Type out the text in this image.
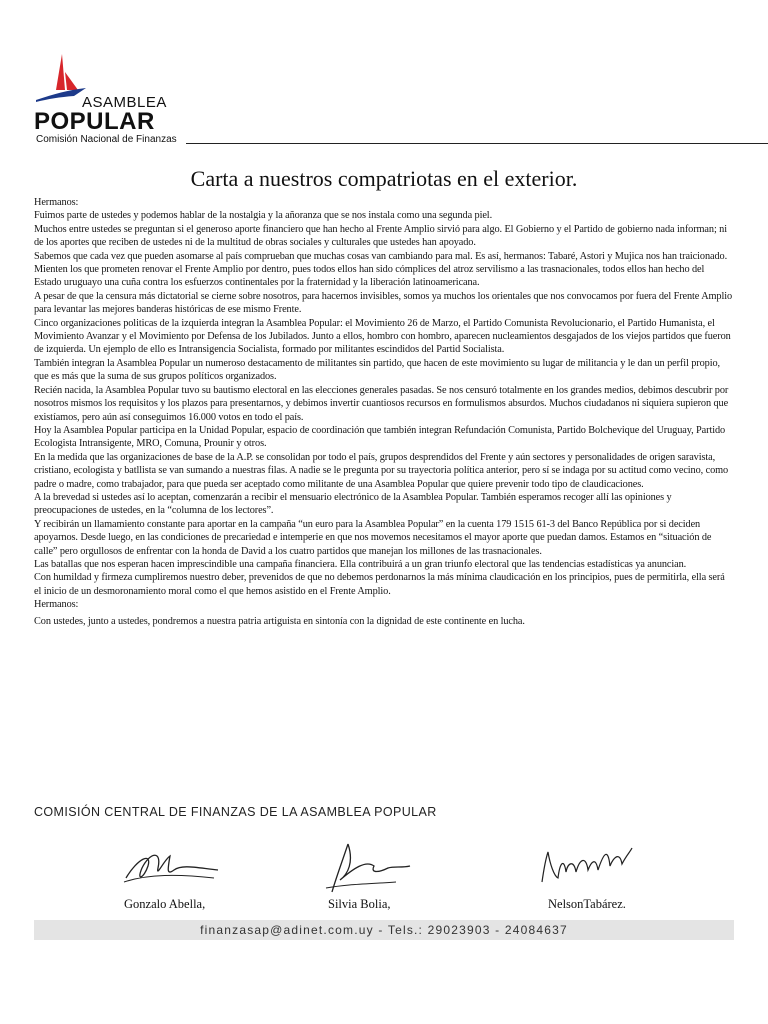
ASAMBLEA
POPULAR
Comisión Nacional de Finanzas
Carta a nuestros compatriotas en el exterior.

Hermanos:

Fuimos parte de ustedes y podemos hablar de la nostalgia y la añoranza que se nos instala como una segunda piel.

Muchos entre ustedes se preguntan si el generoso aporte financiero que han hecho al Frente Amplio sirvió para algo. El Gobierno y el Partido de gobierno nada informan; ni de los aportes que reciben de ustedes ni de la multitud de obras sociales y culturales que ustedes han apoyado.

Sabemos que cada vez que pueden asomarse al país comprueban que muchas cosas van cambiando para mal. Es así, hermanos: Tabaré, Astori y Mujica nos han traicionado.

Mienten los que prometen renovar el Frente Amplio por dentro, pues todos ellos han sido cómplices del atroz servilismo a las trasnacionales, todos ellos han hecho del Estado uruguayo una cuña contra los esfuerzos continentales por la fraternidad y la liberación latinoamericana.

A pesar de que la censura más dictatorial se cierne sobre nosotros, para hacernos invisibles, somos ya muchos los orientales que nos convocamos por fuera del Frente Amplio para levantar las mejores banderas históricas de ese mismo Frente.

Cinco organizaciones politicas de la izquierda integran la Asamblea Popular: el Movimiento 26 de Marzo, el Partido Comunista Revolucionario, el Partido Humanista, el Movimiento Avanzar y el Movimiento por Defensa de los Jubilados. Junto a ellos, hombro con hombro, aparecen nucleamientos desgajados de los viejos partidos que fueron de izquierda. Un ejemplo de ello es Intransigencia Socialista, formado por militantes escindidos del Partid Socialista.

También integran la Asamblea Popular un numeroso destacamento de militantes sin partido, que hacen de este movimiento su lugar de militancia y le dan un perfil propio, que es más que la suma de sus grupos políticos organizados.

Recién nacida, la Asamblea Popular tuvo su bautismo electoral en las elecciones generales pasadas. Se nos censuró totalmente en los grandes medios, debimos descubrir por nosotros mismos los requisitos y los plazos para presentarnos, y debimos invertir cuantiosos recursos en formulismos absurdos. Muchos ciudadanos ni siquiera supieron que existíamos, pero aún así conseguimos 16.000 votos en todo el país.

Hoy la Asamblea Popular participa en la Unidad Popular, espacio de coordinación que también integran Refundación Comunista, Partido Bolchevique del Uruguay, Partido Ecologista Intransigente, MRO, Comuna, Prounir y otros.

En la medida que las organizaciones de base de la A.P. se consolidan por todo el país, grupos desprendidos del Frente y aún sectores y personalidades de origen saravista, cristiano, ecologista y batllista se van sumando a nuestras filas. A nadie se le pregunta por su trayectoria política anterior, pero sí se indaga por su actitud como vecino, como padre o madre, como trabajador, para que pueda ser aceptado como militante de una Asamblea Popular que quiere prevenir todo tipo de claudicaciones.

A la brevedad si ustedes así lo aceptan, comenzarán a recibir el mensuario electrónico de la Asamblea Popular. También esperamos recoger allí las opiniones y preocupaciones de ustedes, en la “columna de los lectores”.

Y recibirán un llamamiento constante para aportar en la campaña “un euro para la Asamblea Popular” en la cuenta 179 1515 61-3 del Banco República por si deciden apoyarnos. Desde luego, en las condiciones de precariedad e intemperie en que nos movemos necesitamos el mayor aporte que puedan damos. Estamos en “situación de calle” pero orgullosos de enfrentar con la honda de David a los cuatro partidos que manejan los millones de las trasnacionales.

Las batallas que nos esperan hacen imprescindible una campaña financiera. Ella contribuirá a un gran triunfo electoral que las tendencias estadísticas ya anuncian.

Con humildad y firmeza cumpliremos nuestro deber, prevenidos de que no debemos perdonarnos la más mínima claudicación en los principios, pues de permitirla, ella será el inicio de un desmoronamiento moral como el que hemos asistido en el Frente Amplio.

Hermanos:

Con ustedes, junto a ustedes, pondremos a nuestra patria artiguista en sintonía con la dignidad de este continente en lucha.

COMISIÓN CENTRAL DE FINANZAS DE LA ASAMBLEA POPULAR
Gonzalo Abella,	Silvia Bolia,	NelsonTabárez.
finanzasap@adinet.com.uy - Tels.: 29023903 - 24084637
